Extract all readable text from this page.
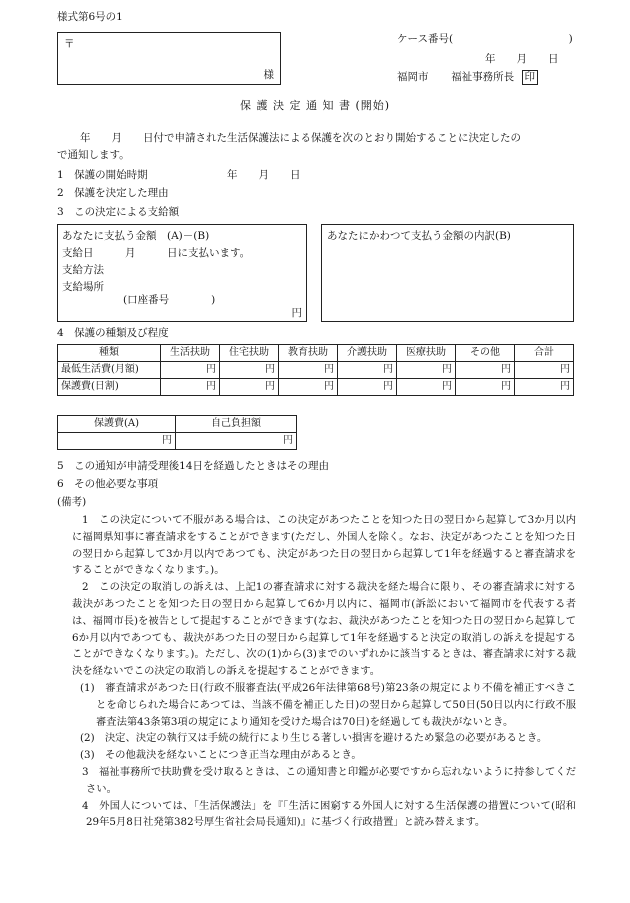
様式第6号の1
〒
様
ケース番号(　　　　　　　　　　　)
年　　月　　日
福岡市 福祉事務所長 印
保 護 決 定 通 知 書 (開始)
年　　月　　日付で申請された生活保護法による保護を次のとおり開始することに決定したの
で通知します。
1　保護の開始時期	年　　月　　日
2　保護を決定した理由
3　この決定による支給額
あなたに支払う金額　(A)－(B)
支給日　　　月　　　日に支払います。
支給方法
支給場所
(口座番号　　　　)
円
あなたにかわつて支払う金額の内訳(B)
4　保護の種類及び程度
種類	生活扶助	住宅扶助	教育扶助	介護扶助	医療扶助	その他	合計
最低生活費(月額)	円	円	円	円	円	円	円
保護費(日割)	円	円	円	円	円	円	円
保護費(A)	自己負担額
円	円
5　この通知が申請受理後14日を経過したときはその理由
6　その他必要な事項
(備考)

1　この決定について不服がある場合は、この決定があつたことを知つた日の翌日から起算して3か月以内に福岡県知事に審査請求をすることができます(ただし、外国人を除く。なお、決定があつたことを知つた日の翌日から起算して3か月以内であつても、決定があつた日の翌日から起算して1年を経過すると審査請求をすることができなくなります。)。

2　この決定の取消しの訴えは、上記1の審査請求に対する裁決を経た場合に限り、その審査請求に対する裁決があつたことを知つた日の翌日から起算して6か月以内に、福岡市(訴訟において福岡市を代表する者は、福岡市長)を被告として提起することができます(なお、裁決があつたことを知つた日の翌日から起算して6か月以内であつても、裁決があつた日の翌日から起算して1年を経過すると決定の取消しの訴えを提起することができなくなります。)。ただし、次の(1)から(3)までのいずれかに該当するときは、審査請求に対する裁決を経ないでこの決定の取消しの訴えを提起することができます。

(1)　審査請求があつた日(行政不服審査法(平成26年法律第68号)第23条の規定により不備を補正すべきことを命じられた場合にあつては、当該不備を補正した日)の翌日から起算して50日(50日以内に行政不服審査法第43条第3項の規定により通知を受けた場合は70日)を経過しても裁決がないとき。

(2)　決定、決定の執行又は手続の続行により生じる著しい損害を避けるため緊急の必要があるとき。

(3)　その他裁決を経ないことにつき正当な理由があるとき。

3　福祉事務所で扶助費を受け取るときは、この通知書と印鑑が必要ですから忘れないように持参してください。

4　外国人については、「生活保護法」を『「生活に困窮する外国人に対する生活保護の措置について(昭和29年5月8日社発第382号厚生省社会局長通知)』に基づく行政措置」と読み替えます。
